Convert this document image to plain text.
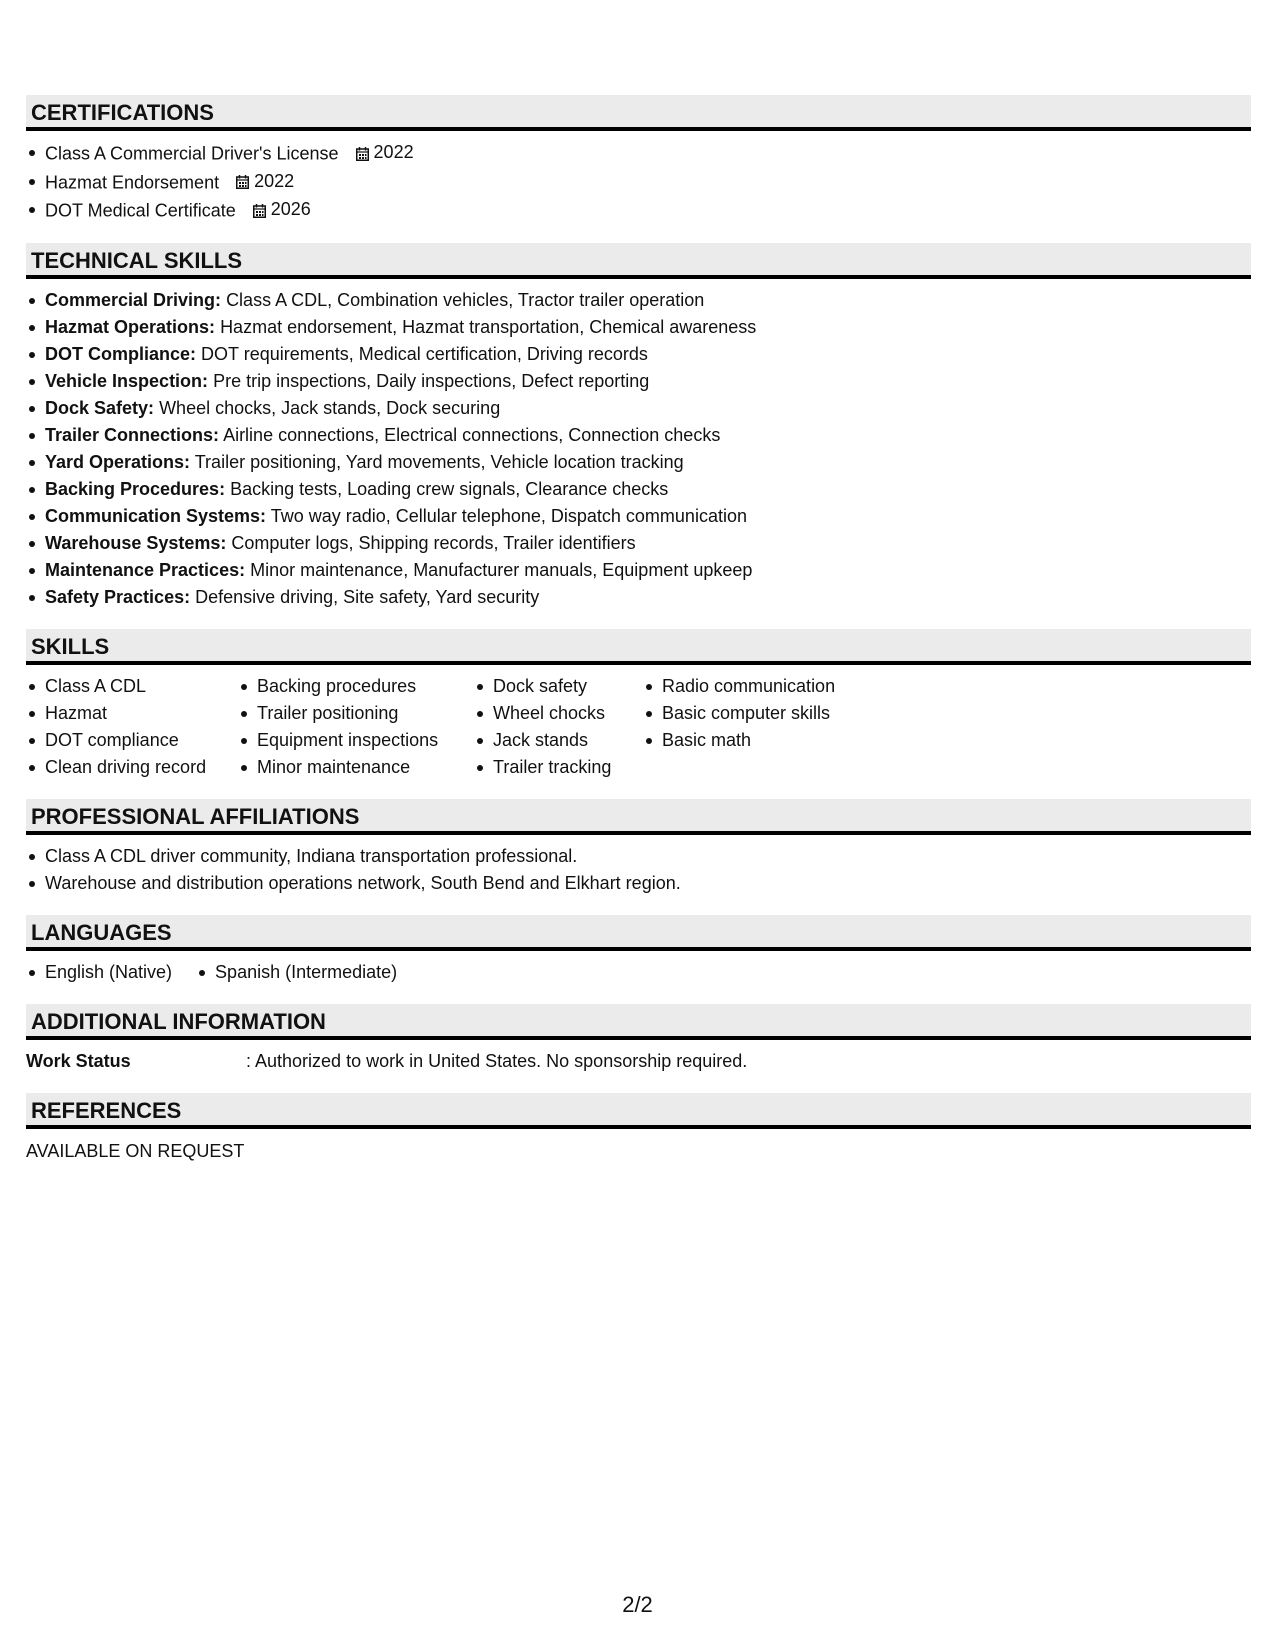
CERTIFICATIONS
Class A Commercial Driver's License 2022
Hazmat Endorsement 2022
DOT Medical Certificate 2026
TECHNICAL SKILLS
Commercial Driving: Class A CDL, Combination vehicles, Tractor trailer operation
Hazmat Operations: Hazmat endorsement, Hazmat transportation, Chemical awareness
DOT Compliance: DOT requirements, Medical certification, Driving records
Vehicle Inspection: Pre trip inspections, Daily inspections, Defect reporting
Dock Safety: Wheel chocks, Jack stands, Dock securing
Trailer Connections: Airline connections, Electrical connections, Connection checks
Yard Operations: Trailer positioning, Yard movements, Vehicle location tracking
Backing Procedures: Backing tests, Loading crew signals, Clearance checks
Communication Systems: Two way radio, Cellular telephone, Dispatch communication
Warehouse Systems: Computer logs, Shipping records, Trailer identifiers
Maintenance Practices: Minor maintenance, Manufacturer manuals, Equipment upkeep
Safety Practices: Defensive driving, Site safety, Yard security
SKILLS
Class A CDL
Hazmat
DOT compliance
Clean driving record
Backing procedures
Trailer positioning
Equipment inspections
Minor maintenance
Dock safety
Wheel chocks
Jack stands
Trailer tracking
Radio communication
Basic computer skills
Basic math
PROFESSIONAL AFFILIATIONS
Class A CDL driver community, Indiana transportation professional.
Warehouse and distribution operations network, South Bend and Elkhart region.
LANGUAGES
English (Native)	Spanish (Intermediate)
ADDITIONAL INFORMATION
Work Status	: Authorized to work in United States. No sponsorship required.
REFERENCES
AVAILABLE ON REQUEST
2/2
